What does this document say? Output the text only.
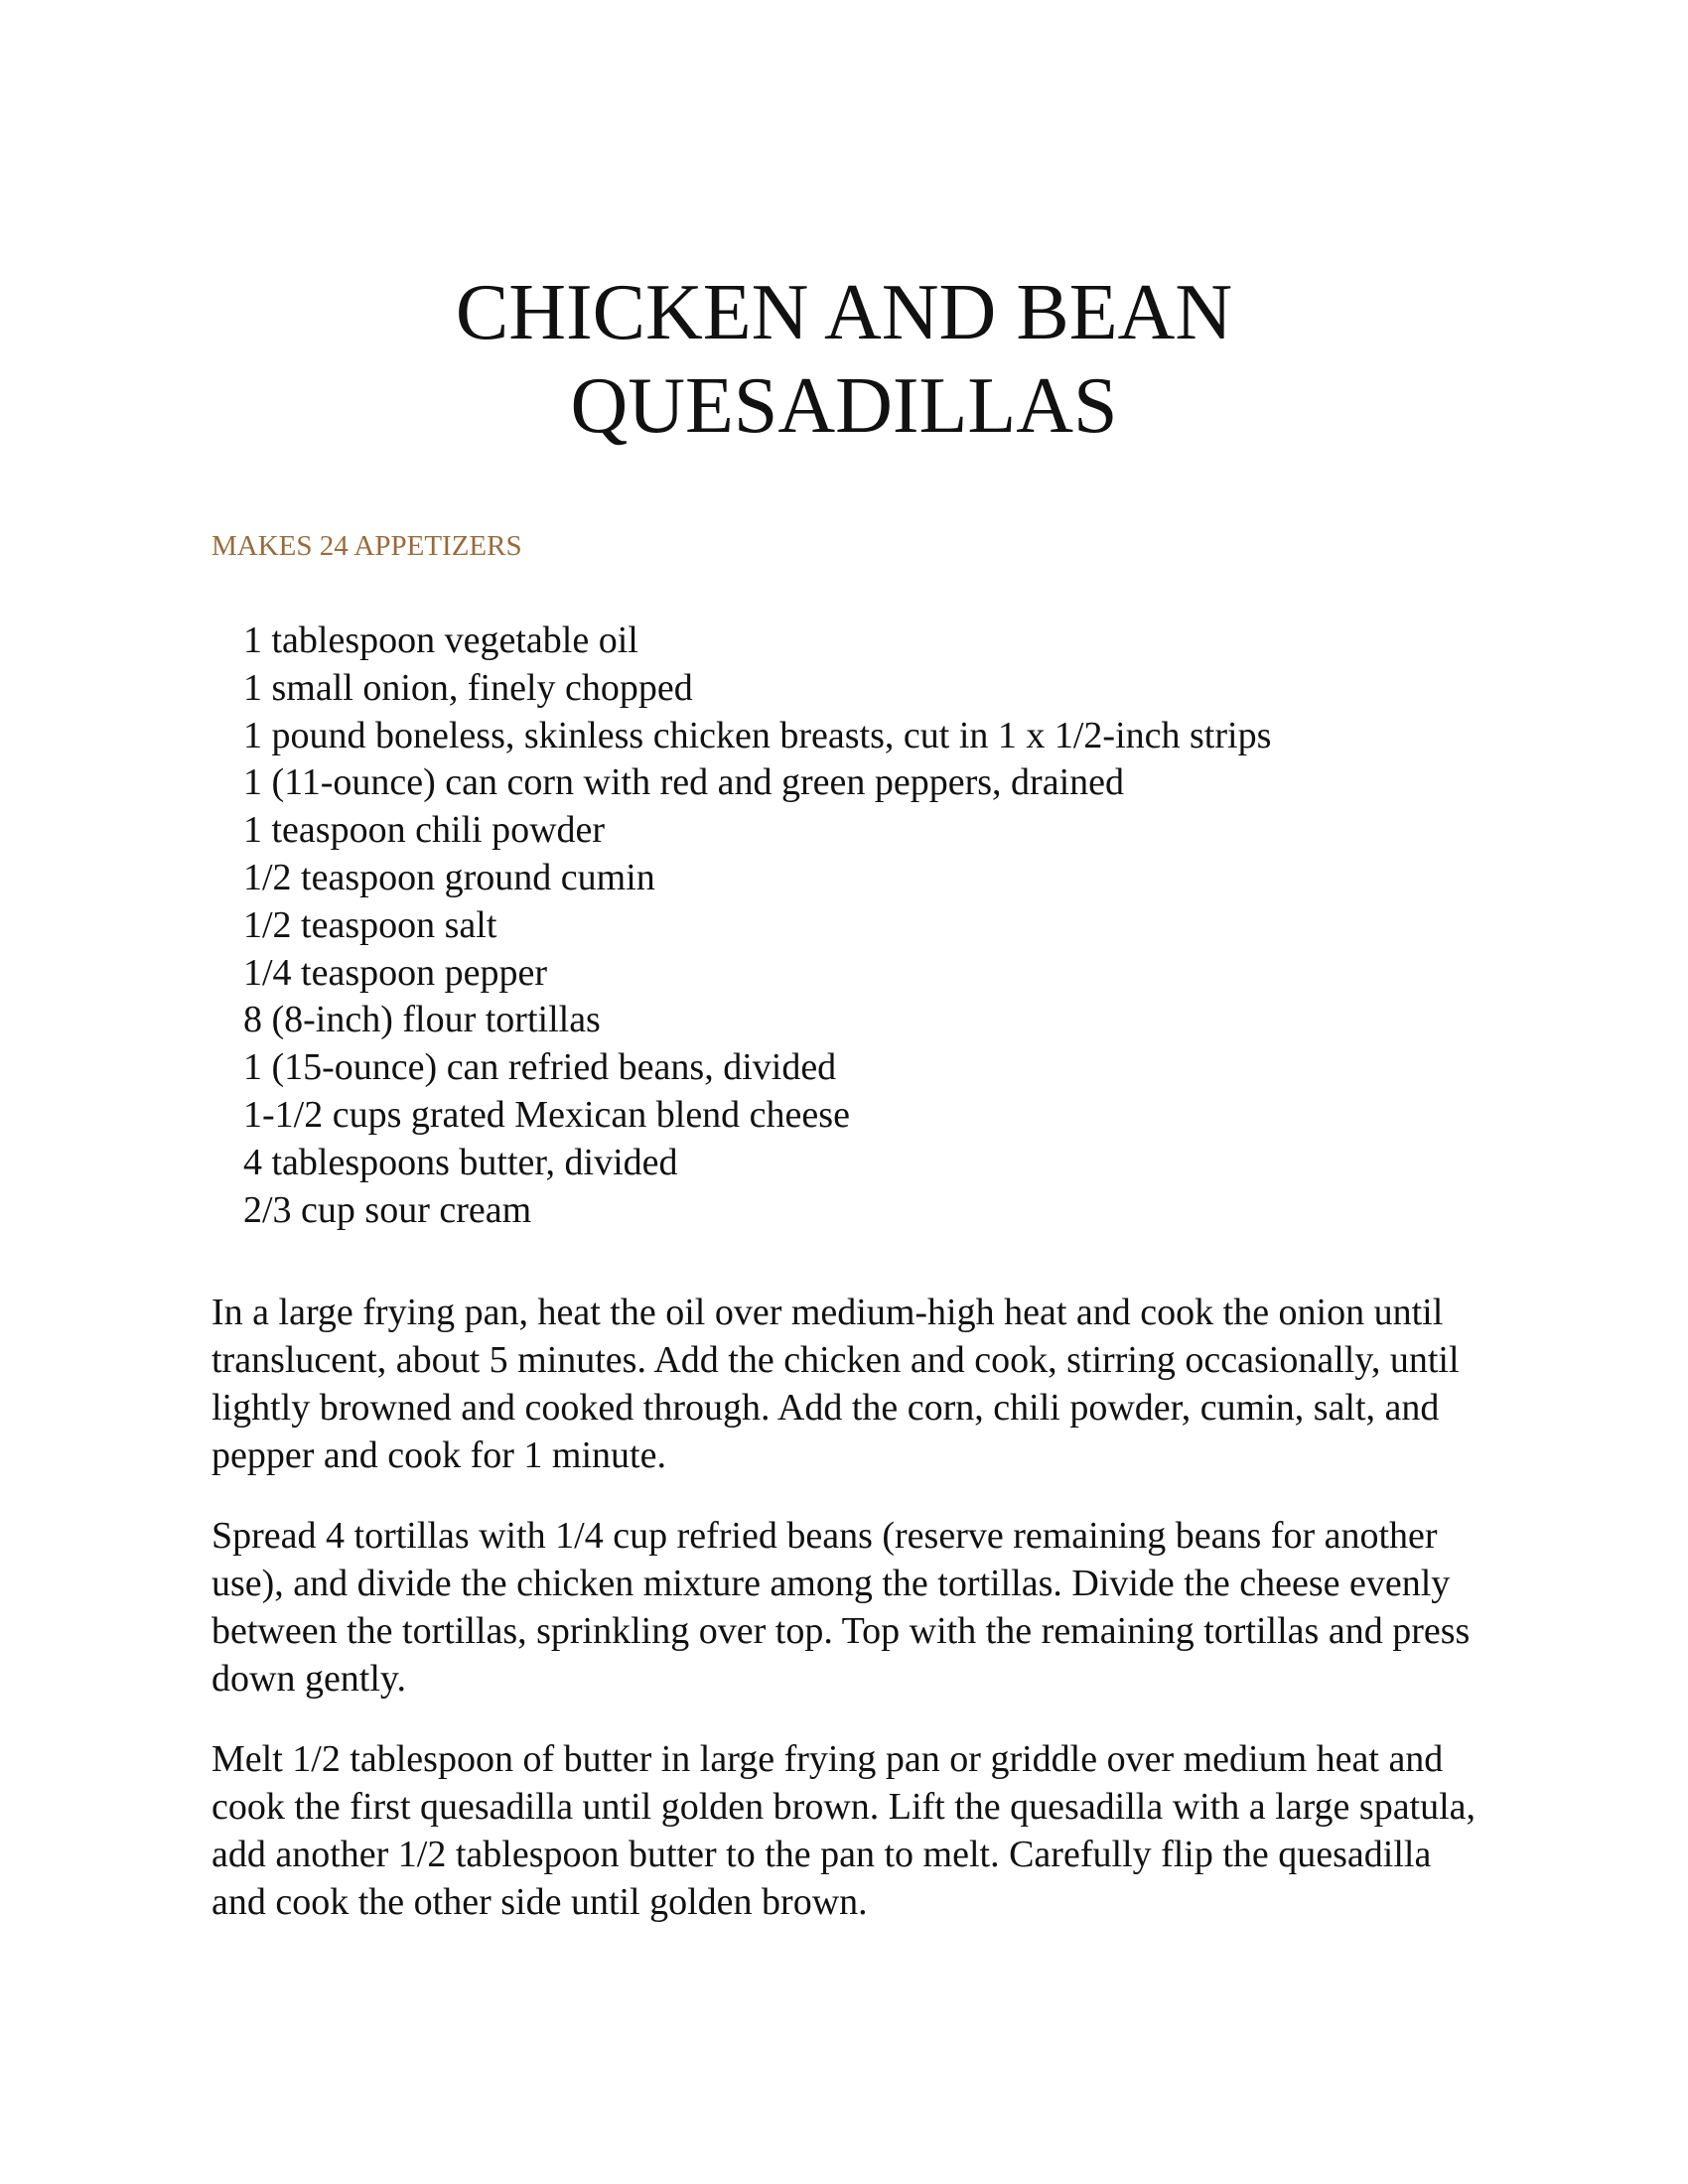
CHICKEN AND BEAN
QUESADILLAS
MAKES 24 APPETIZERS
1 tablespoon vegetable oil
1 small onion, finely chopped
1 pound boneless, skinless chicken breasts, cut in 1 x 1/2-inch strips
1 (11-ounce) can corn with red and green peppers, drained
1 teaspoon chili powder
1/2 teaspoon ground cumin
1/2 teaspoon salt
1/4 teaspoon pepper
8 (8-inch) flour tortillas
1 (15-ounce) can refried beans, divided
1-1/2 cups grated Mexican blend cheese
4 tablespoons butter, divided
2/3 cup sour cream

In a large frying pan, heat the oil over medium-high heat and cook the onion until translucent, about 5 minutes. Add the chicken and cook, stirring occasionally, until lightly browned and cooked through. Add the corn, chili powder, cumin, salt, and pepper and cook for 1 minute.

Spread 4 tortillas with 1/4 cup refried beans (reserve remaining beans for another use), and divide the chicken mixture among the tortillas. Divide the cheese evenly between the tortillas, sprinkling over top. Top with the remaining tortillas and press down gently.

Melt 1/2 tablespoon of butter in large frying pan or griddle over medium heat and cook the first quesadilla until golden brown. Lift the quesadilla with a large spatula, add another 1/2 tablespoon butter to the pan to melt. Carefully flip the quesadilla and cook the other side until golden brown.
